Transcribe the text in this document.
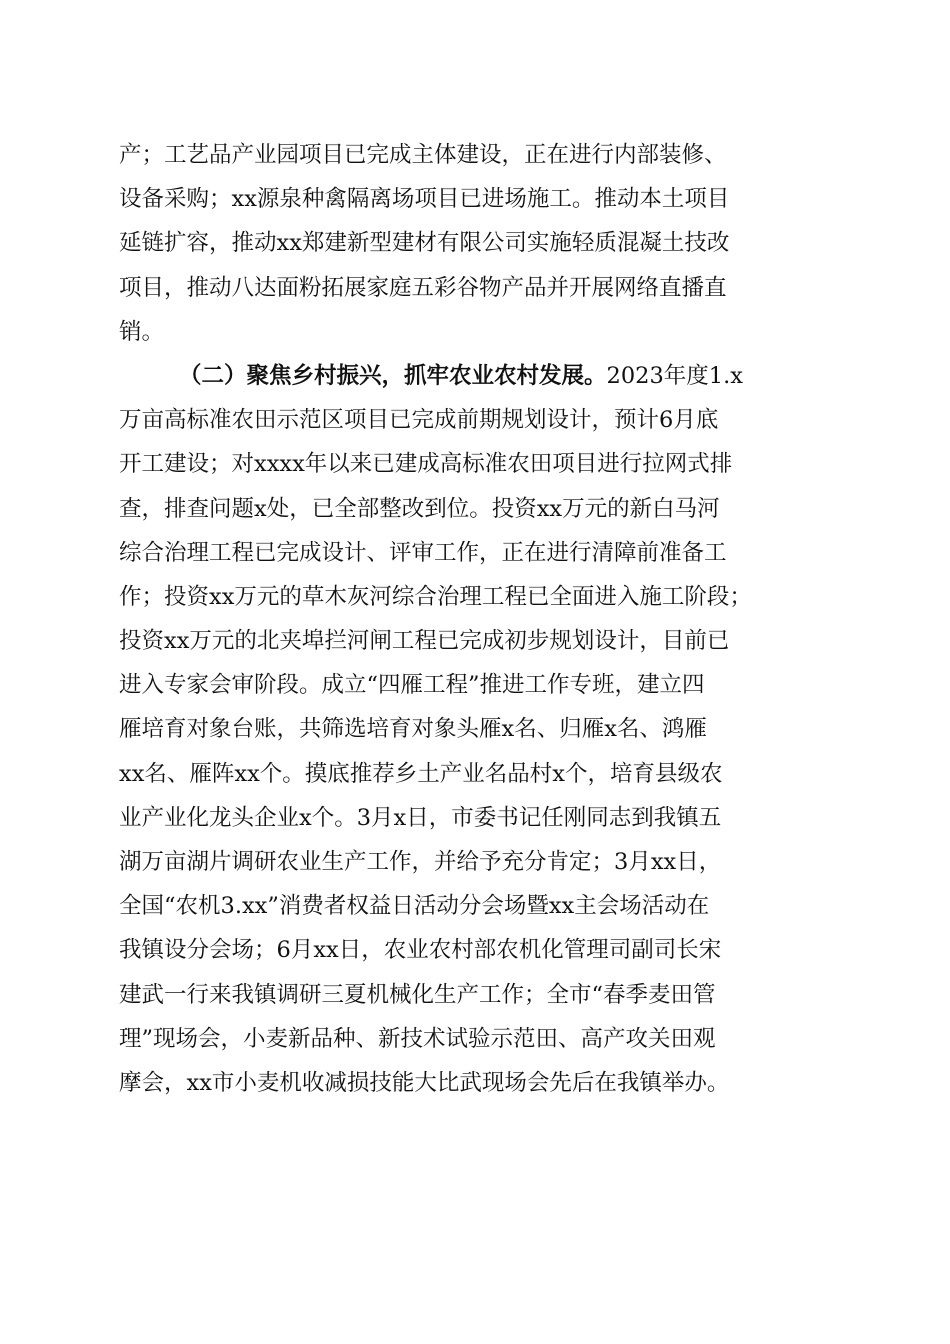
产；工艺品产业园项目已完成主体建设，正在进行内部装修、
设备采购；xx源泉种禽隔离场项目已进场施工。推动本土项目
延链扩容，推动xx郑建新型建材有限公司实施轻质混凝土技改
项目，推动八达面粉拓展家庭五彩谷物产品并开展网络直播直
销。
（二）聚焦乡村振兴，抓牢农业农村发展。2023年度1.x
万亩高标准农田示范区项目已完成前期规划设计，预计6月底
开工建设；对xxxx年以来已建成高标准农田项目进行拉网式排
查，排查问题x处，已全部整改到位。投资xx万元的新白马河
综合治理工程已完成设计、评审工作，正在进行清障前准备工
作；投资xx万元的草木灰河综合治理工程已全面进入施工阶段；
投资xx万元的北夹埠拦河闸工程已完成初步规划设计，目前已
进入专家会审阶段。成立“四雁工程”推进工作专班，建立四
雁培育对象台账，共筛选培育对象头雁x名、归雁x名、鸿雁
xx名、雁阵xx个。摸底推荐乡土产业名品村x个，培育县级农
业产业化龙头企业x个。3月x日，市委书记任刚同志到我镇五
湖万亩湖片调研农业生产工作，并给予充分肯定；3月xx日，
全国“农机3.xx”消费者权益日活动分会场暨xx主会场活动在
我镇设分会场；6月xx日，农业农村部农机化管理司副司长宋
建武一行来我镇调研三夏机械化生产工作；全市“春季麦田管
理”现场会，小麦新品种、新技术试验示范田、高产攻关田观
摩会，xx市小麦机收减损技能大比武现场会先后在我镇举办。
